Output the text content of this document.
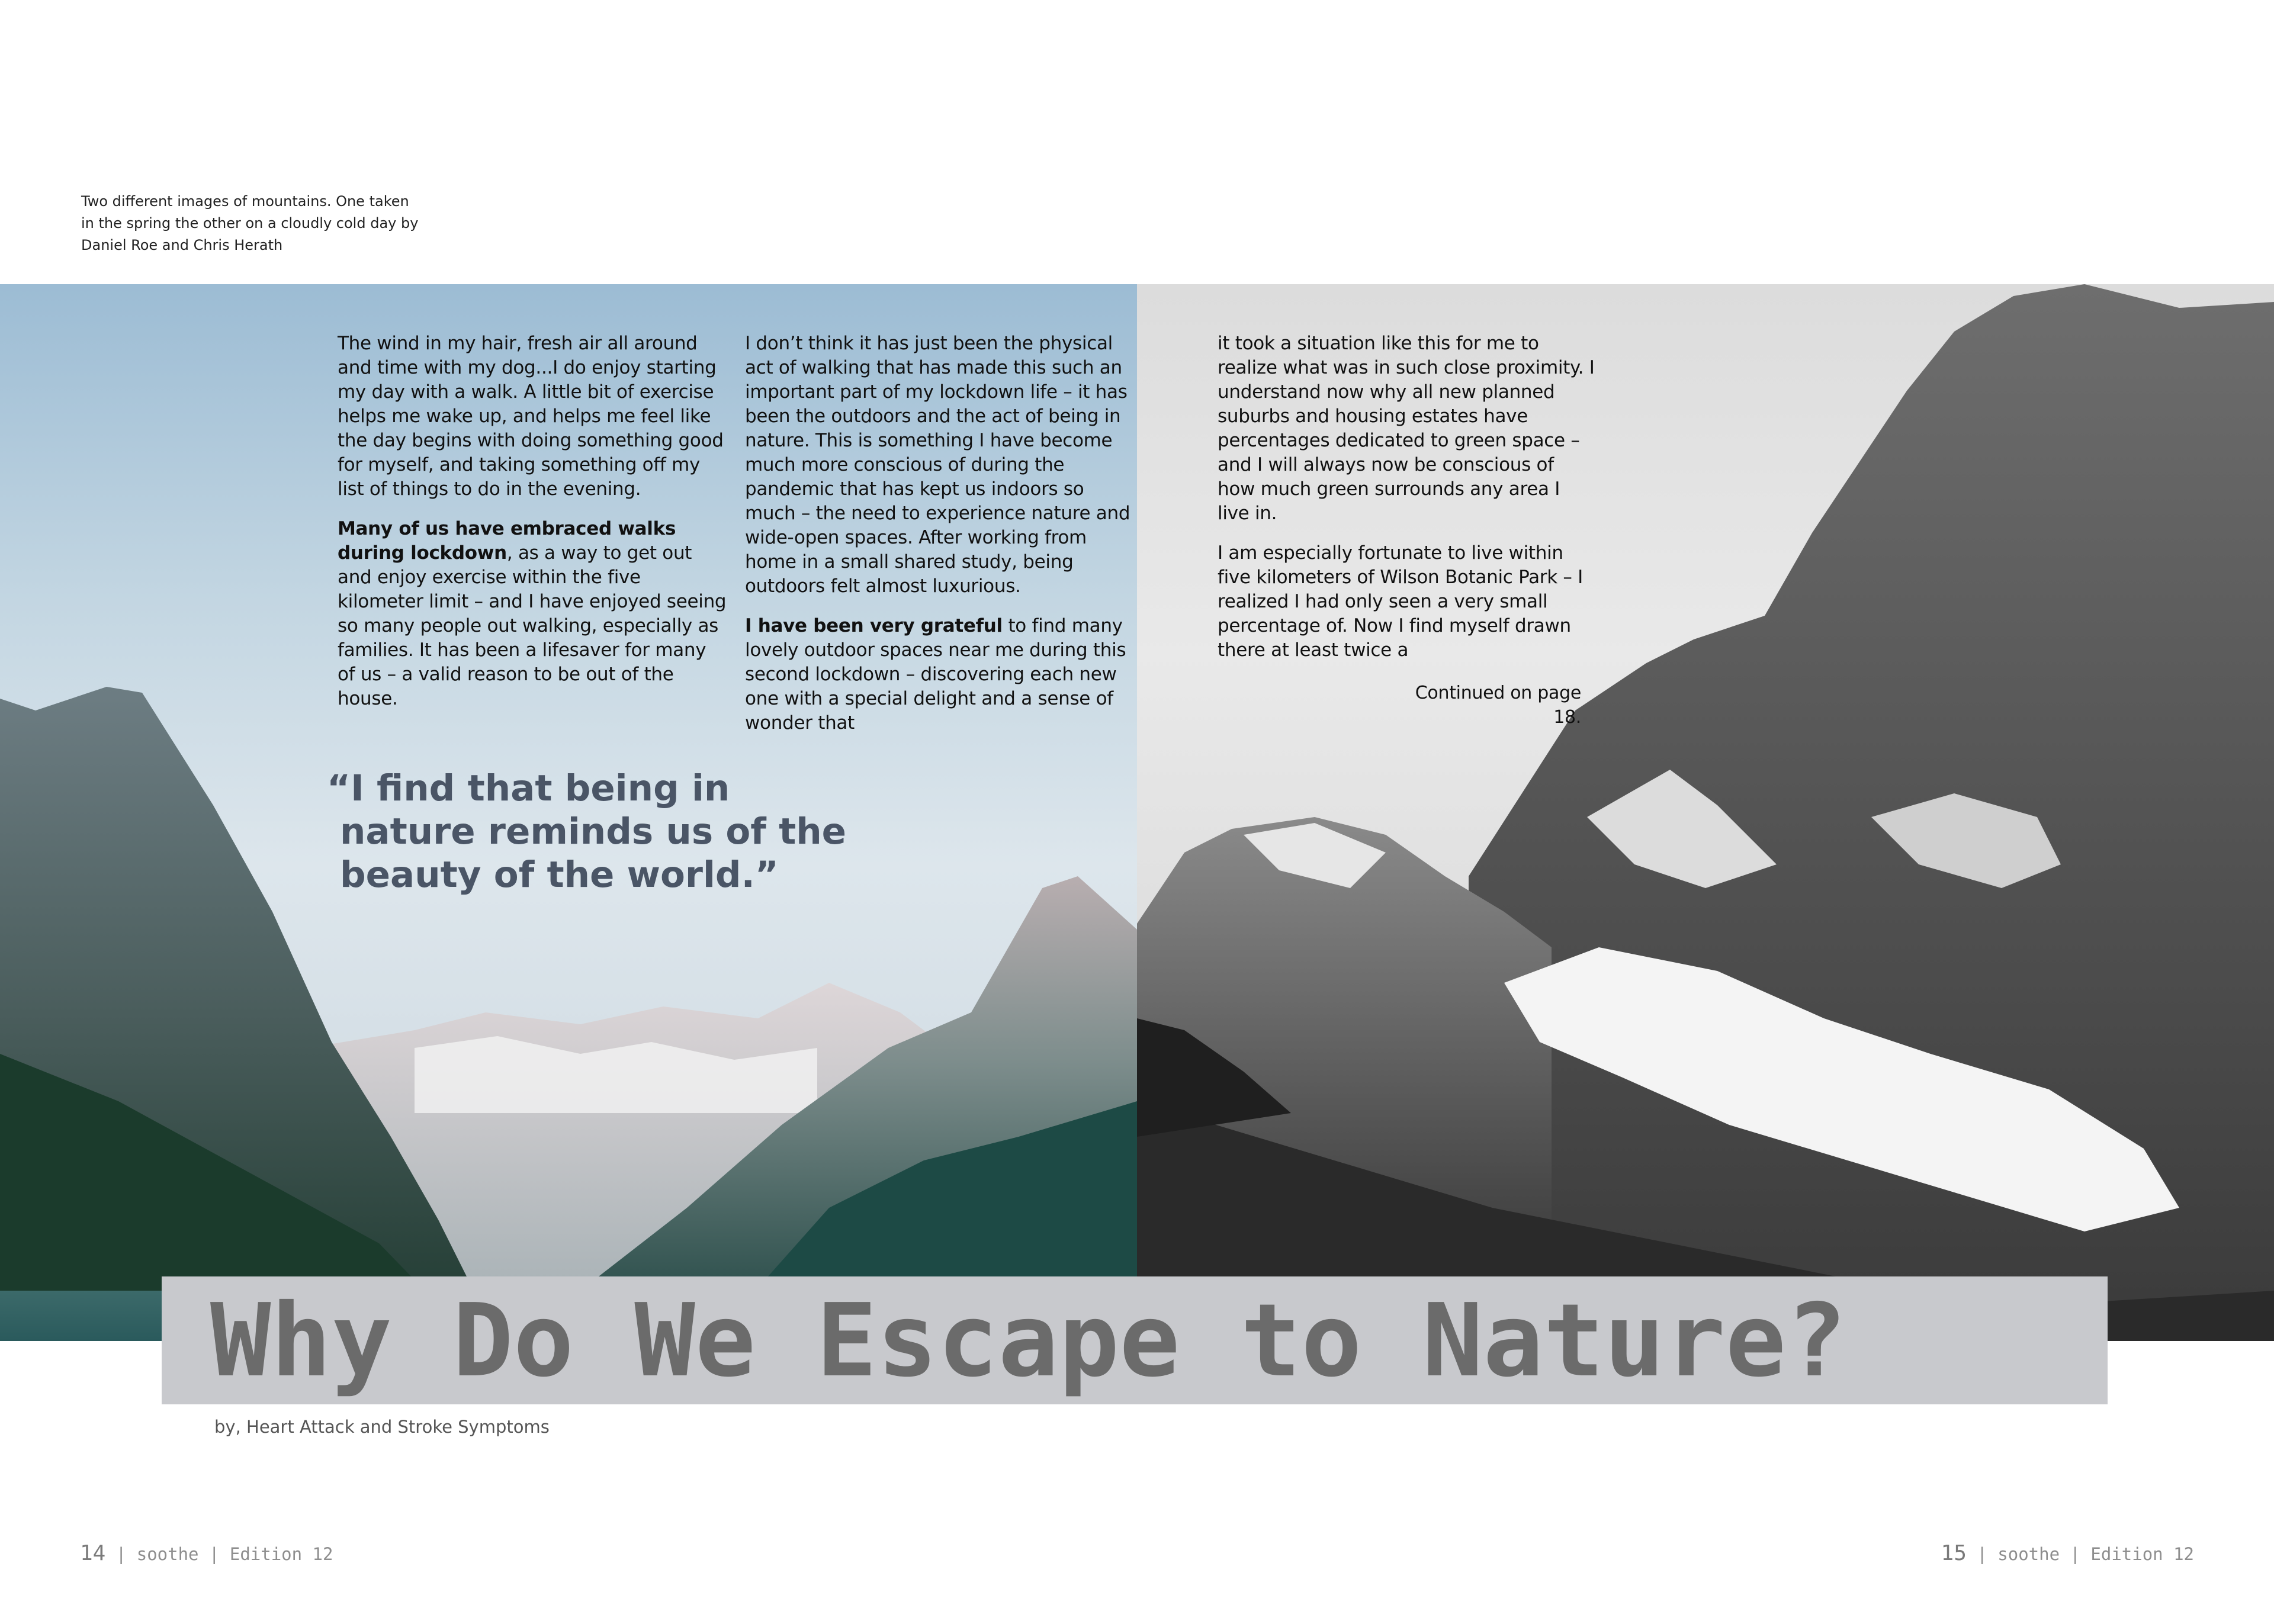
Two different images of mountains. One taken
in the spring the other on a cloudly cold day by
Daniel Roe and Chris Herath

The wind in my hair, fresh air all around and time with my dog...I do enjoy starting my day with a walk. A little bit of exercise helps me wake up, and helps me feel like the day begins with doing something good for myself, and taking something off my list of things to do in the evening.

Many of us have embraced walks during lockdown, as a way to get out and enjoy exercise within the five kilometer limit – and I have enjoyed seeing so many people out walking, especially as families. It has been a lifesaver for many of us – a valid reason to be out of the house.

I don’t think it has just been the physical act of walking that has made this such an important part of my lockdown life – it has been the outdoors and the act of being in nature. This is something I have become much more conscious of during the pandemic that has kept us indoors so much – the need to experience nature and wide-open spaces. After working from home in a small shared study, being outdoors felt almost luxurious.

I have been very grateful to find many lovely outdoor spaces near me during this second lockdown – discovering each new one with a special delight and a sense of wonder that

it took a situation like this for me to realize what was in such close proximity. I understand now why all new planned suburbs and housing estates have percentages dedicated to green space – and I will always now be conscious of how much green surrounds any area I live in.

I am especially fortunate to live within five kilometers of Wilson Botanic Park – I realized I had only seen a very small percentage of. Now I find myself drawn there at least twice a

Continued on page 18.
“I find that being in
nature reminds us of the
beauty of the world.”
Why Do We Escape to Nature?
by, Heart Attack and Stroke Symptoms
14 | soothe | Edition 12	15 | soothe | Edition 12
